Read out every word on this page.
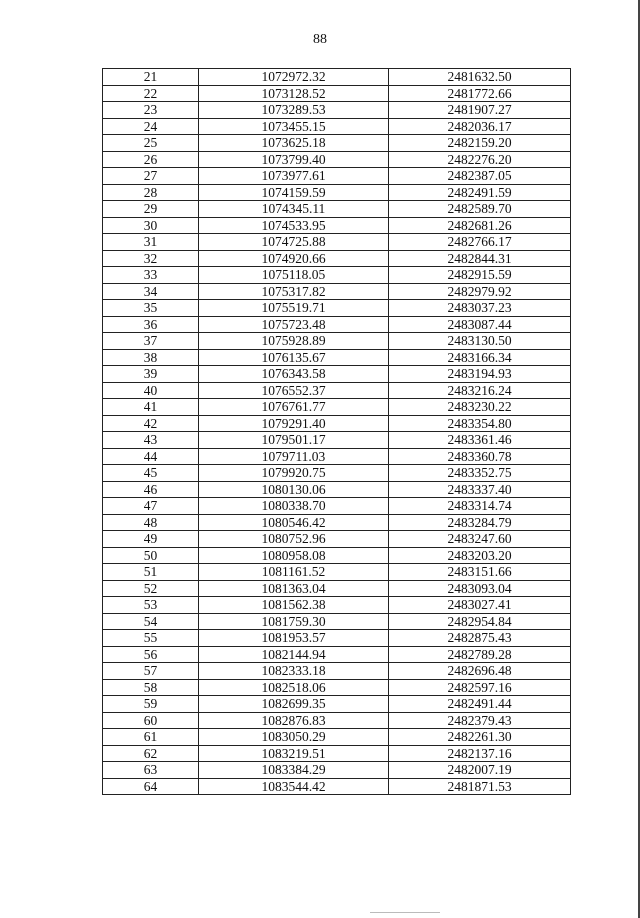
88
21	1072972.32	2481632.50
22	1073128.52	2481772.66
23	1073289.53	2481907.27
24	1073455.15	2482036.17
25	1073625.18	2482159.20
26	1073799.40	2482276.20
27	1073977.61	2482387.05
28	1074159.59	2482491.59
29	1074345.11	2482589.70
30	1074533.95	2482681.26
31	1074725.88	2482766.17
32	1074920.66	2482844.31
33	1075118.05	2482915.59
34	1075317.82	2482979.92
35	1075519.71	2483037.23
36	1075723.48	2483087.44
37	1075928.89	2483130.50
38	1076135.67	2483166.34
39	1076343.58	2483194.93
40	1076552.37	2483216.24
41	1076761.77	2483230.22
42	1079291.40	2483354.80
43	1079501.17	2483361.46
44	1079711.03	2483360.78
45	1079920.75	2483352.75
46	1080130.06	2483337.40
47	1080338.70	2483314.74
48	1080546.42	2483284.79
49	1080752.96	2483247.60
50	1080958.08	2483203.20
51	1081161.52	2483151.66
52	1081363.04	2483093.04
53	1081562.38	2483027.41
54	1081759.30	2482954.84
55	1081953.57	2482875.43
56	1082144.94	2482789.28
57	1082333.18	2482696.48
58	1082518.06	2482597.16
59	1082699.35	2482491.44
60	1082876.83	2482379.43
61	1083050.29	2482261.30
62	1083219.51	2482137.16
63	1083384.29	2482007.19
64	1083544.42	2481871.53
